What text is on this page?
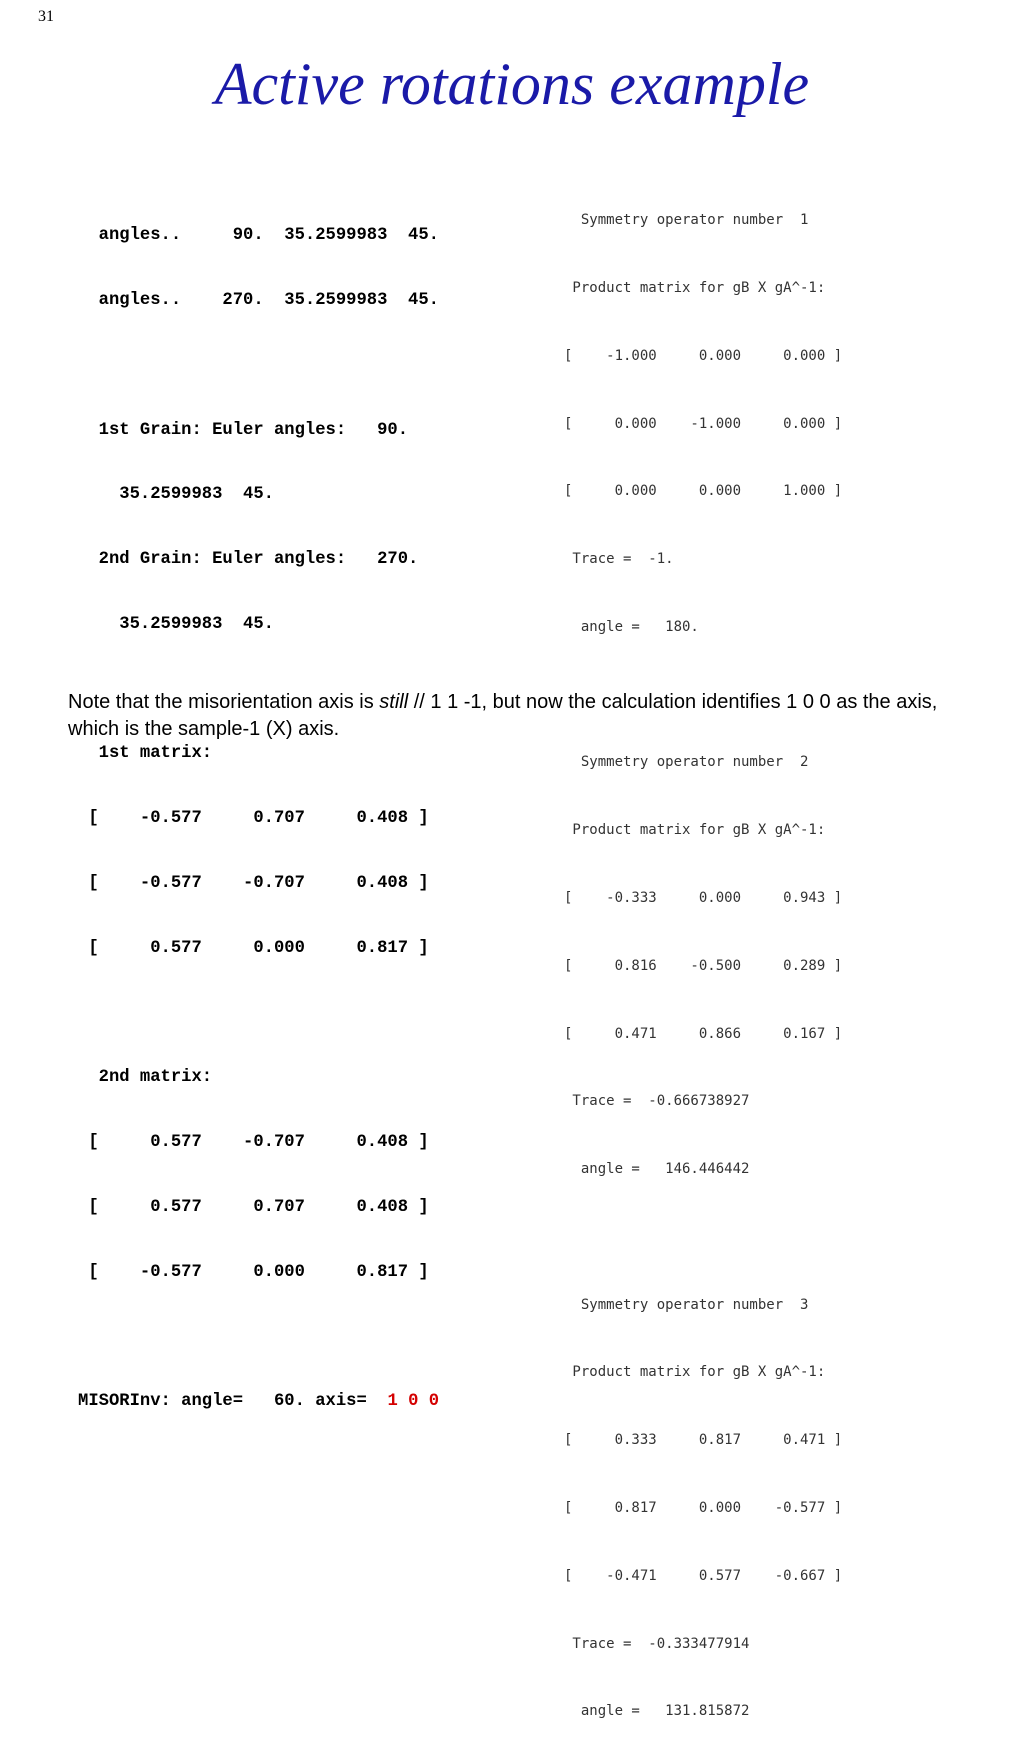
31
Active rotations example

angles..     90.  35.2599983  45.

angles..    270.  35.2599983  45.

1st Grain: Euler angles:   90.

35.2599983  45.

2nd Grain: Euler angles:   270.

35.2599983  45.

1st matrix:

[    -0.577     0.707     0.408 ]

[    -0.577    -0.707     0.408 ]

[     0.577     0.000     0.817 ]

2nd matrix:

[     0.577    -0.707     0.408 ]

[     0.577     0.707     0.408 ]

[    -0.577     0.000     0.817 ]

MISORInv: angle=   60. axis=  1 0 0

Symmetry operator number  1

Product matrix for gB X gA^-1:

[    -1.000     0.000     0.000 ]

[     0.000    -1.000     0.000 ]

[     0.000     0.000     1.000 ]

Trace =  -1.

angle =   180.

Symmetry operator number  2

Product matrix for gB X gA^-1:

[    -0.333     0.000     0.943 ]

[     0.816    -0.500     0.289 ]

[     0.471     0.866     0.167 ]

Trace =  -0.666738927

angle =   146.446442

Symmetry operator number  3

Product matrix for gB X gA^-1:

[     0.333     0.817     0.471 ]

[     0.817     0.000    -0.577 ]

[    -0.471     0.577    -0.667 ]

Trace =  -0.333477914

angle =   131.815872

Note that the misorientation axis is still // 1 1 -1, but now the calculation identifies 1 0 0 as the axis, which is the sample-1 (X) axis.
